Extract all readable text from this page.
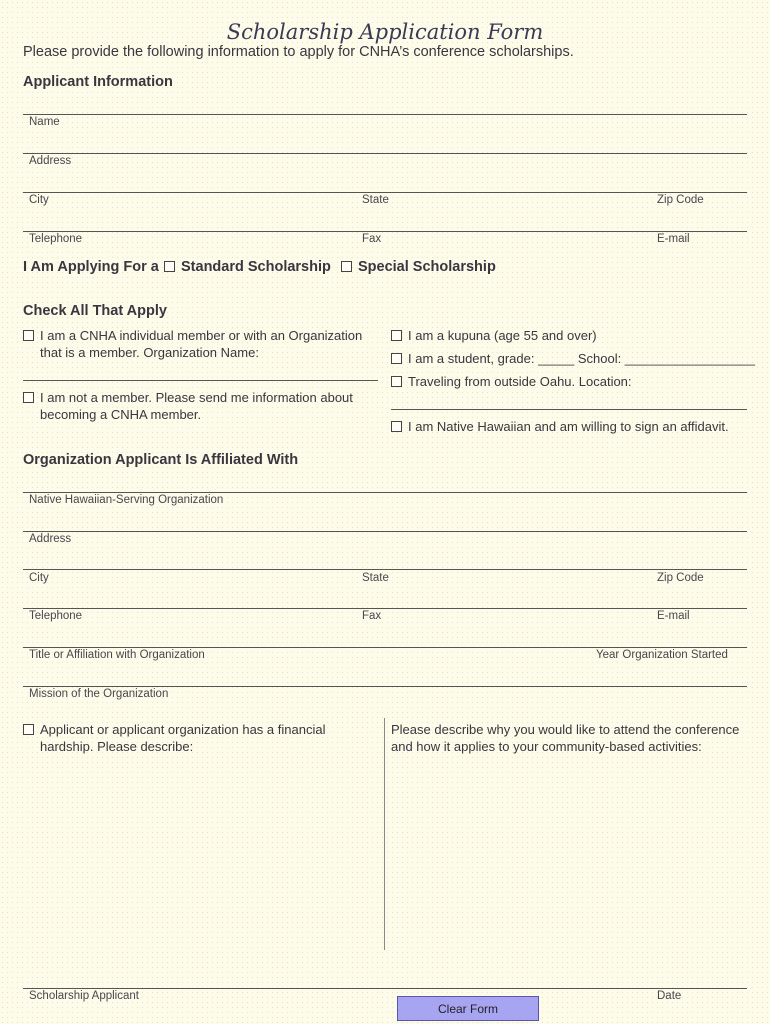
Scholarship Application Form
Please provide the following information to apply for CNHA’s conference scholarships.
Applicant Information
Name
Address
City	State	Zip Code
Telephone	Fax	E-mail
I Am Applying For a	Standard Scholarship	Special Scholarship
Check All That Apply
I am a CNHA individual member or with an Organization
that is a member. Organization Name:
I am not a member. Please send me information about
becoming a CNHA member.
I am a kupuna (age 55 and over)
I am a student, grade: _____ School: __________________
Traveling from outside Oahu. Location:
I am Native Hawaiian and am willing to sign an affidavit.
Organization Applicant Is Affiliated With
Native Hawaiian-Serving Organization
Address
City	State	Zip Code
Telephone	Fax	E-mail
Title or Affiliation with Organization	Year Organization Started
Mission of the Organization
Applicant or applicant organization has a financial
hardship. Please describe:
Please describe why you would like to attend the conference
and how it applies to your community-based activities:
Scholarship Applicant	Date
Clear Form
